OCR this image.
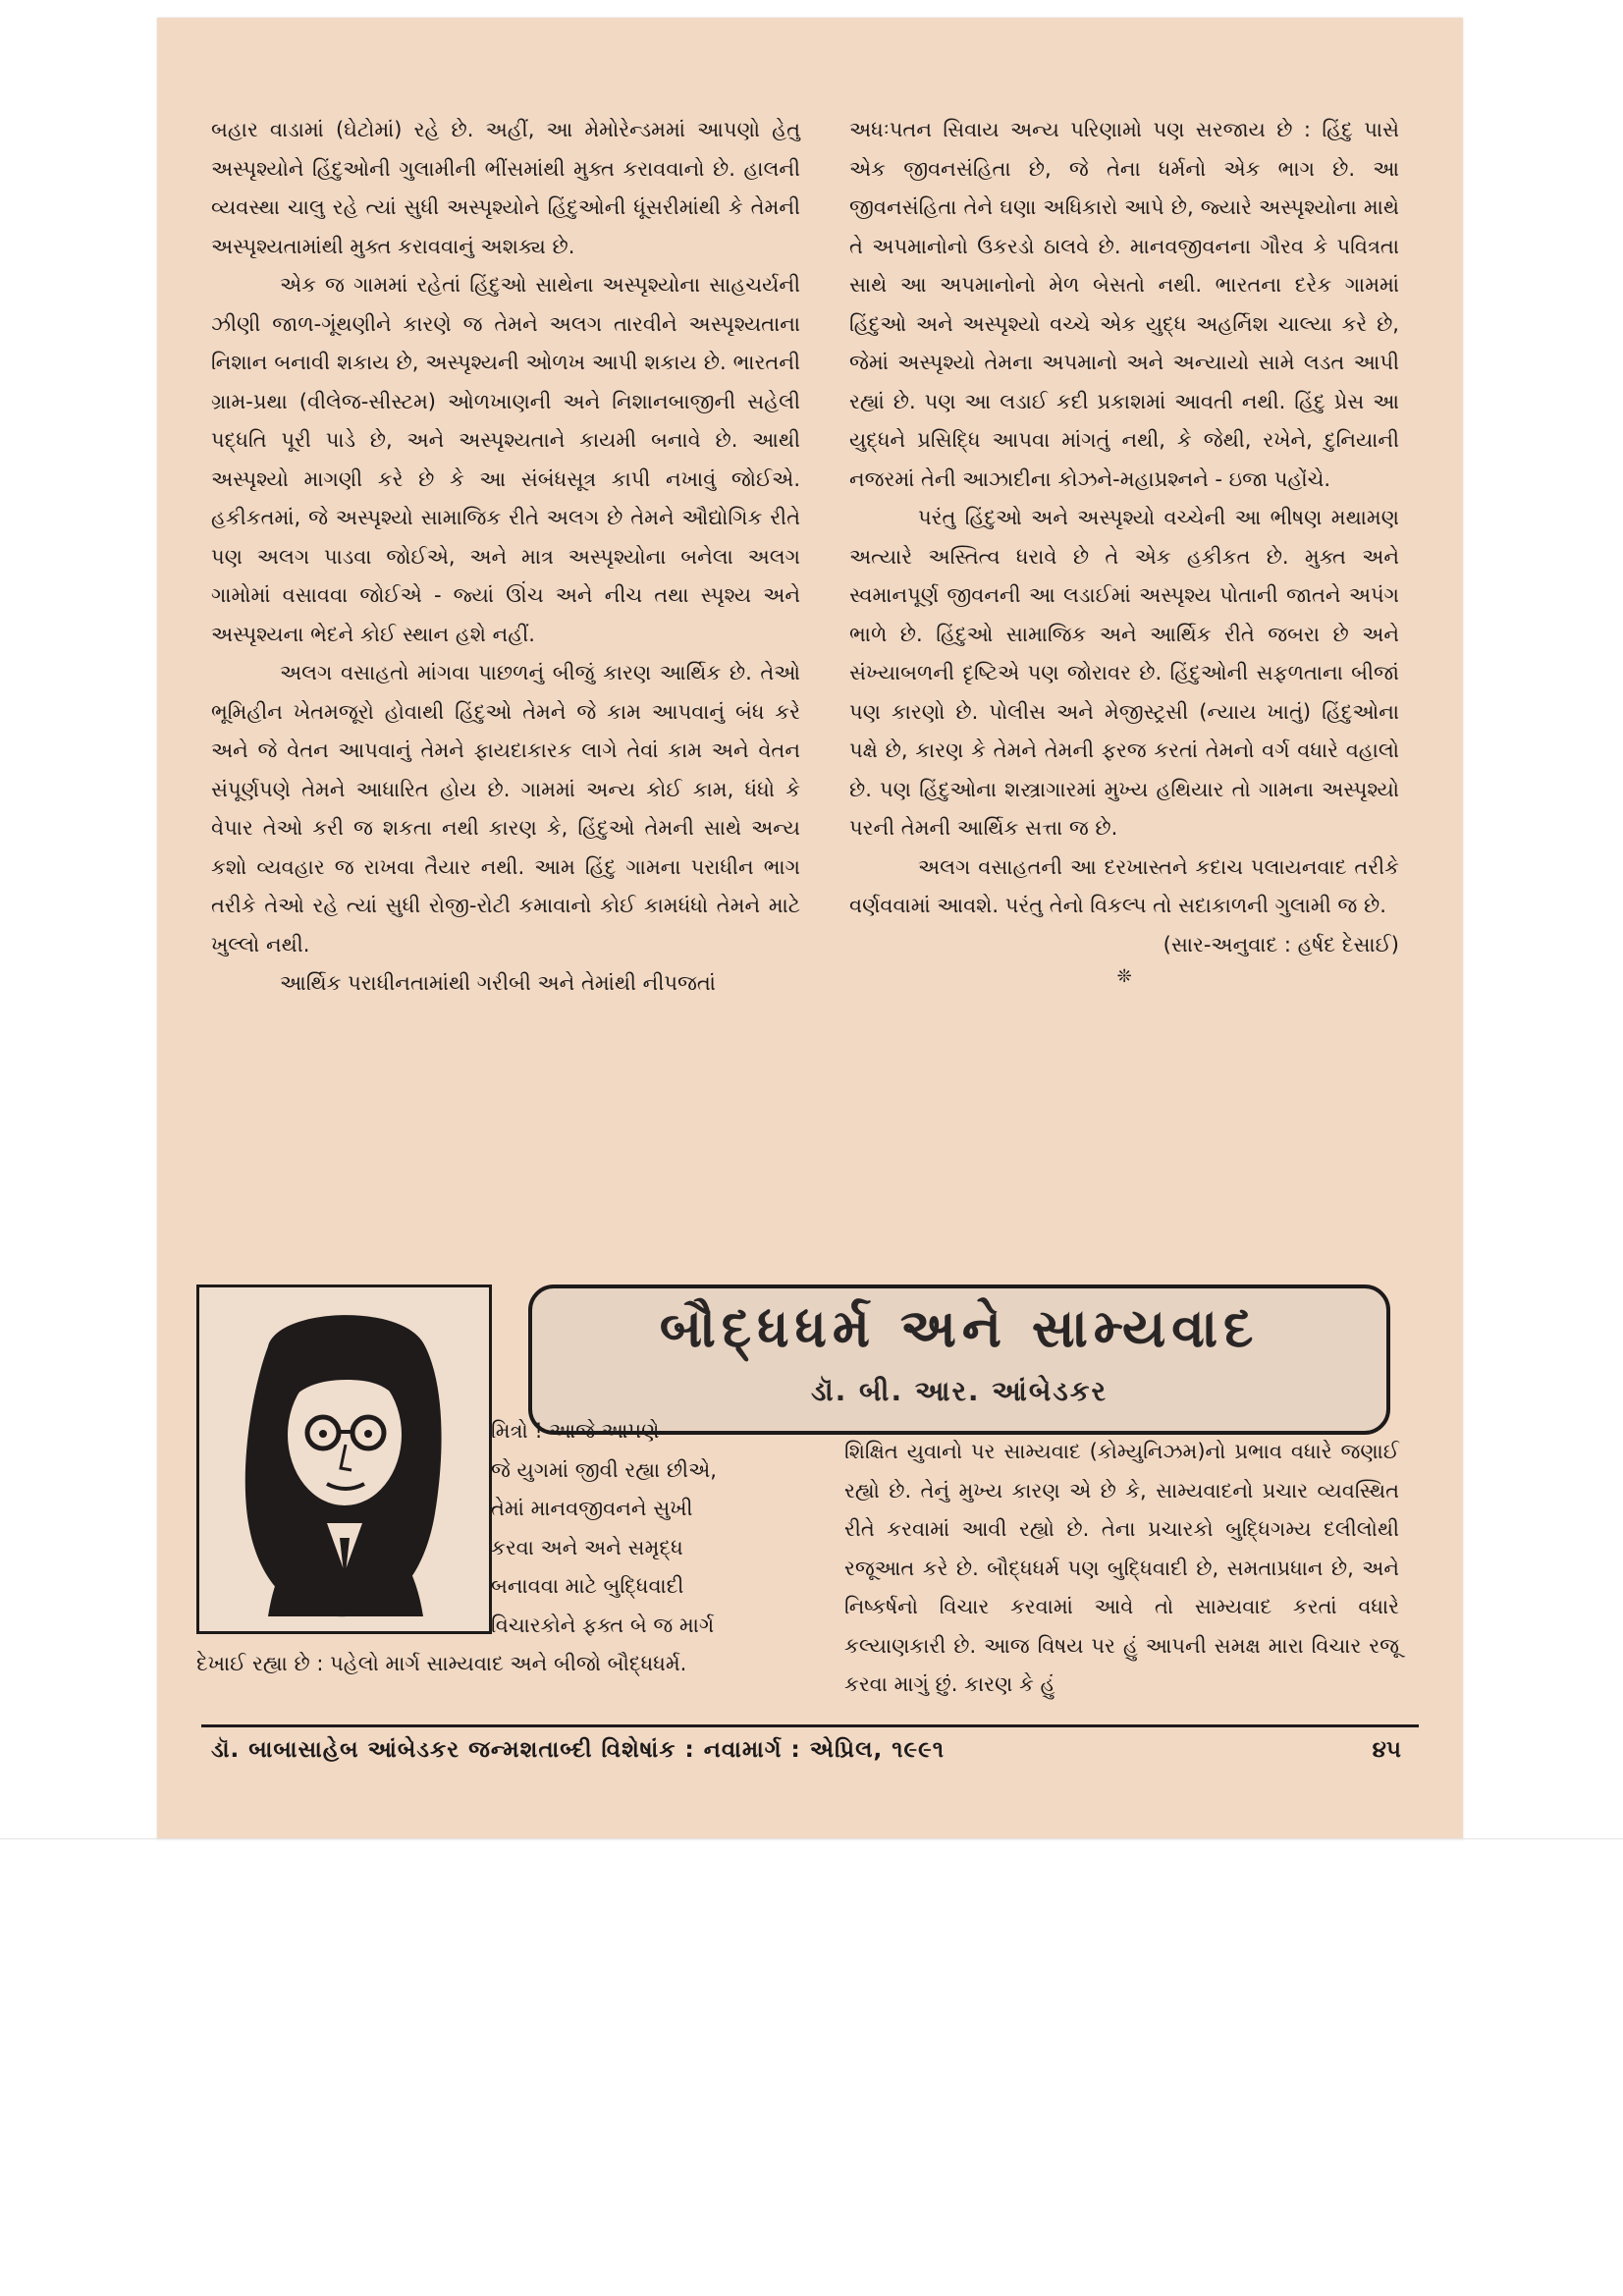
બહાર વાડામાં (ઘેટોમાં) રહે છે. અહીં, આ મેમોરેન્ડમમાં આપણો હેતુ અસ્પૃશ્યોને હિંદુઓની ગુલામીની ભીંસમાંથી મુક્ત કરાવવાનો છે. હાલની વ્યવસ્થા ચાલુ રહે ત્યાં સુધી અસ્પૃશ્યોને હિંદુઓની ધૂંસરીમાંથી કે તેમની અસ્પૃશ્યતામાંથી મુક્ત કરાવવાનું અશક્ય છે.

એક જ ગામમાં રહેતાં હિંદુઓ સાથેના અસ્પૃશ્યોના સાહચર્યની ઝીણી જાળ-ગૂંથણીને કારણે જ તેમને અલગ તારવીને અસ્પૃશ્યતાના નિશાન બનાવી શકાય છે, અસ્પૃશ્યની ઓળખ આપી શકાય છે. ભારતની ગ્રામ-પ્રથા (વીલેજ-સીસ્ટમ) ઓળખાણની અને નિશાનબાજીની સહેલી પદ્ધતિ પૂરી પાડે છે, અને અસ્પૃશ્યતાને કાયમી બનાવે છે. આથી અસ્પૃશ્યો માગણી કરે છે કે આ સંબંધસૂત્ર કાપી નખાવું જોઈએ. હકીકતમાં, જે અસ્પૃશ્યો સામાજિક રીતે અલગ છે તેમને ઔદ્યોગિક રીતે પણ અલગ પાડવા જોઈએ, અને માત્ર અસ્પૃશ્યોના બનેલા અલગ ગામોમાં વસાવવા જોઈએ - જ્યાં ઊંચ અને નીચ તથા સ્પૃશ્ય અને અસ્પૃશ્યના ભેદને કોઈ સ્થાન હશે નહીં.

અલગ વસાહતો માંગવા પાછળનું બીજું કારણ આર્થિક છે. તેઓ ભૂમિહીન ખેતમજૂરો હોવાથી હિંદુઓ તેમને જે કામ આપવાનું બંધ કરે અને જે વેતન આપવાનું તેમને ફાયદાકારક લાગે તેવાં કામ અને વેતન સંપૂર્ણપણે તેમને આધારિત હોય છે. ગામમાં અન્ય કોઈ કામ, ધંધો કે વેપાર તેઓ કરી જ શકતા નથી કારણ કે, હિંદુઓ તેમની સાથે અન્ય કશો વ્યવહાર જ રાખવા તૈયાર નથી. આમ હિંદુ ગામના પરાધીન ભાગ તરીકે તેઓ રહે ત્યાં સુધી રોજી-રોટી કમાવાનો કોઈ કામધંધો તેમને માટે ખુલ્લો નથી.

આર્થિક પરાધીનતામાંથી ગરીબી અને તેમાંથી નીપજતાં

અધઃપતન સિવાય અન્ય પરિણામો પણ સરજાય છે : હિંદુ પાસે એક જીવનસંહિતા છે, જે તેના ધર્મનો એક ભાગ છે. આ જીવનસંહિતા તેને ઘણા અધિકારો આપે છે, જ્યારે અસ્પૃશ્યોના માથે તે અપમાનોનો ઉકરડો ઠાલવે છે. માનવજીવનના ગૌરવ કે પવિત્રતા સાથે આ અપમાનોનો મેળ બેસતો નથી. ભારતના દરેક ગામમાં હિંદુઓ અને અસ્પૃશ્યો વચ્ચે એક યુદ્ધ અહર્નિશ ચાલ્યા કરે છે, જેમાં અસ્પૃશ્યો તેમના અપમાનો અને અન્યાયો સામે લડત આપી રહ્યાં છે. પણ આ લડાઈ કદી પ્રકાશમાં આવતી નથી. હિંદુ પ્રેસ આ યુદ્ધને પ્રસિદ્ધિ આપવા માંગતું નથી, કે જેથી, રખેને, દુનિયાની નજરમાં તેની આઝાદીના કોઝને-મહાપ્રશ્નને - ઇજા પહોંચે.

પરંતુ હિંદુઓ અને અસ્પૃશ્યો વચ્ચેની આ ભીષણ મથામણ અત્યારે અસ્તિત્વ ધરાવે છે તે એક હકીકત છે. મુક્ત અને સ્વમાનપૂર્ણ જીવનની આ લડાઈમાં અસ્પૃશ્ય પોતાની જાતને અપંગ ભાળે છે. હિંદુઓ સામાજિક અને આર્થિક રીતે જબરા છે અને સંખ્યાબળની દૃષ્ટિએ પણ જોરાવર છે. હિંદુઓની સફળતાના બીજાં પણ કારણો છે. પોલીસ અને મેજીસ્ટ્રસી (ન્યાય ખાતું) હિંદુઓના પક્ષે છે, કારણ કે તેમને તેમની ફરજ કરતાં તેમનો વર્ગ વધારે વહાલો છે. પણ હિંદુઓના શસ્ત્રાગારમાં મુખ્ય હથિયાર તો ગામના અસ્પૃશ્યો પરની તેમની આર્થિક સત્તા જ છે.

અલગ વસાહતની આ દરખાસ્તને કદાચ પલાયનવાદ તરીકે વર્ણવવામાં આવશે. પરંતુ તેનો વિકલ્પ તો સદાકાળની ગુલામી જ છે.

(સાર-અનુવાદ : હર્ષદ દેસાઈ)

❊

બૌદ્ધધર્મ અને સામ્યવાદ
ડૉ. બી. આર. આંબેડકર

મિત્રો ! આજે આપણે

જે યુગમાં જીવી રહ્યા છીએ,

તેમાં માનવજીવનને સુખી

કરવા અને અને સમૃદ્ધ

બનાવવા માટે બુદ્ધિવાદી

વિચારકોને ફક્ત બે જ માર્ગ

દેખાઈ રહ્યા છે : પહેલો માર્ગ સામ્યવાદ અને બીજો બૌદ્ધધર્મ.

શિક્ષિત યુવાનો પર સામ્યવાદ (કોમ્યુનિઝમ)નો પ્રભાવ વધારે જણાઈ રહ્યો છે. તેનું મુખ્ય કારણ એ છે કે, સામ્યવાદનો પ્રચાર વ્યવસ્થિત રીતે કરવામાં આવી રહ્યો છે. તેના પ્રચારકો બુદ્ધિગમ્ય દલીલોથી રજૂઆત કરે છે. બૌદ્ધધર્મ પણ બુદ્ધિવાદી છે, સમતાપ્રધાન છે, અને નિષ્કર્ષનો વિચાર કરવામાં આવે તો સામ્યવાદ કરતાં વધારે કલ્યાણકારી છે. આજ વિષય પર હું આપની સમક્ષ મારા વિચાર રજૂ કરવા માગું છું. કારણ કે હું

ડૉ. બાબાસાહેબ આંબેડકર જન્મશતાબ્દી વિશેષાંક : નવામાર્ગ : એપ્રિલ, ૧૯૯૧	૪૫
